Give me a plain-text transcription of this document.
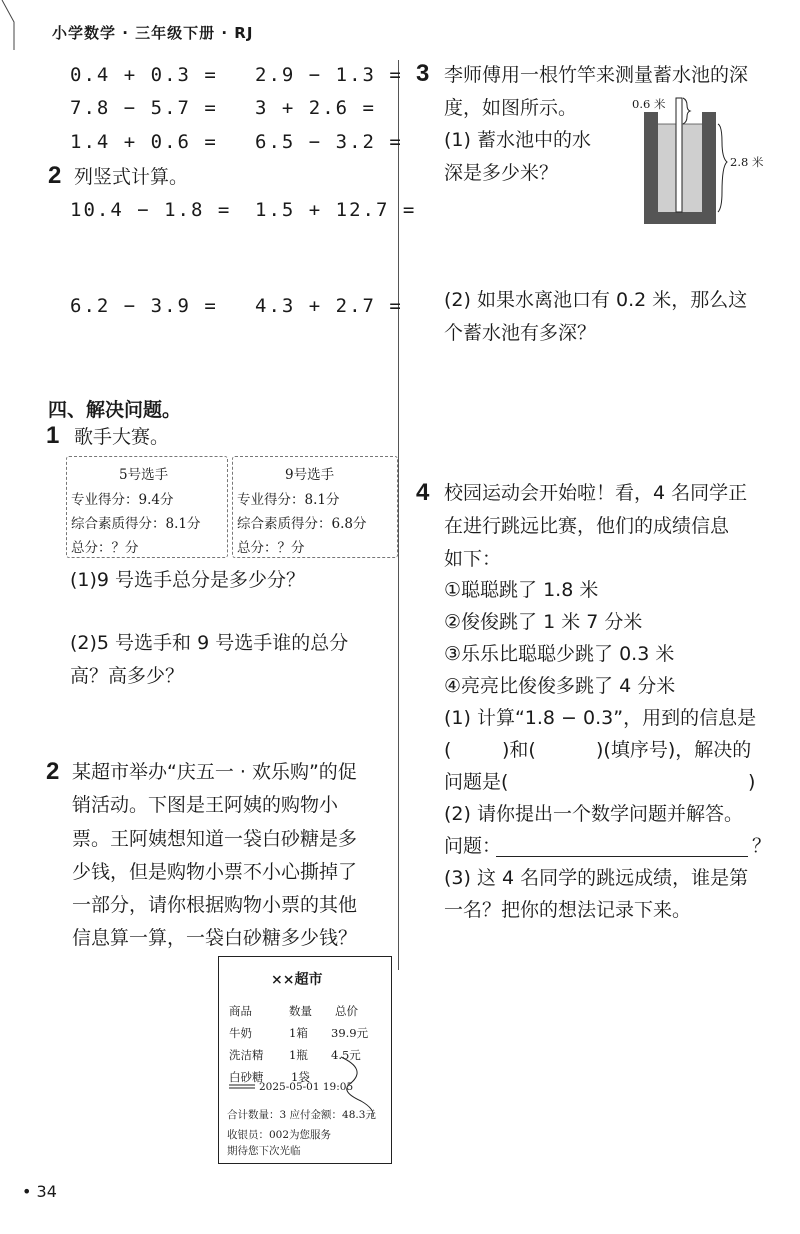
小学数学 · 三年级下册 · RJ
0.4 + 0.3 = 2.9 − 1.3 =
7.8 − 5.7 = 3 + 2.6 =
1.4 + 0.6 = 6.5 − 3.2 =
2 列竖式计算。
10.4 − 1.8 = 1.5 + 12.7 =
6.2 − 3.9 = 4.3 + 2.7 =
四、解决问题。
1 歌手大赛。
5号选手
专业得分：9.4分
综合素质得分：8.1分
总分：？分
9号选手
专业得分：8.1分
综合素质得分：6.8分
总分：？分
(1)9 号选手总分是多少分？
(2)5 号选手和 9 号选手谁的总分
高？高多少？
2 某超市举办“庆五一 · 欢乐购”的促
销活动。下图是王阿姨的购物小
票。王阿姨想知道一袋白砂糖是多
少钱，但是购物小票不小心撕掉了
一部分，请你根据购物小票的其他
信息算一算，一袋白砂糖多少钱？
××超市
商品	数量 总价
牛奶	1箱 39.9元
洗洁精 1瓶 4.5元
白砂糖 1袋
2025-05-01 19:05
合计数量：3 应付金额：48.3元
收银员：002为您服务
期待您下次光临
3 李师傅用一根竹竿来测量蓄水池的深
度，如图所示。
(1) 蓄水池中的水
深是多少米？
0.6 米
2.8 米
(2) 如果水离池口有 0.2 米，那么这
个蓄水池有多深？
4 校园运动会开始啦！看，4 名同学正
在进行跳远比赛，他们的成绩信息
如下：
①聪聪跳了 1.8 米
②俊俊跳了 1 米 7 分米
③乐乐比聪聪少跳了 0.3 米
④亮亮比俊俊多跳了 4 分米
(1) 计算“1.8 − 0.3”，用到的信息是
(	)和(	)(填序号)，解决的
问题是(	)
(2) 请你提出一个数学问题并解答。
问题：	？
(3) 这 4 名同学的跳远成绩，谁是第
一名？把你的想法记录下来。
• 34
